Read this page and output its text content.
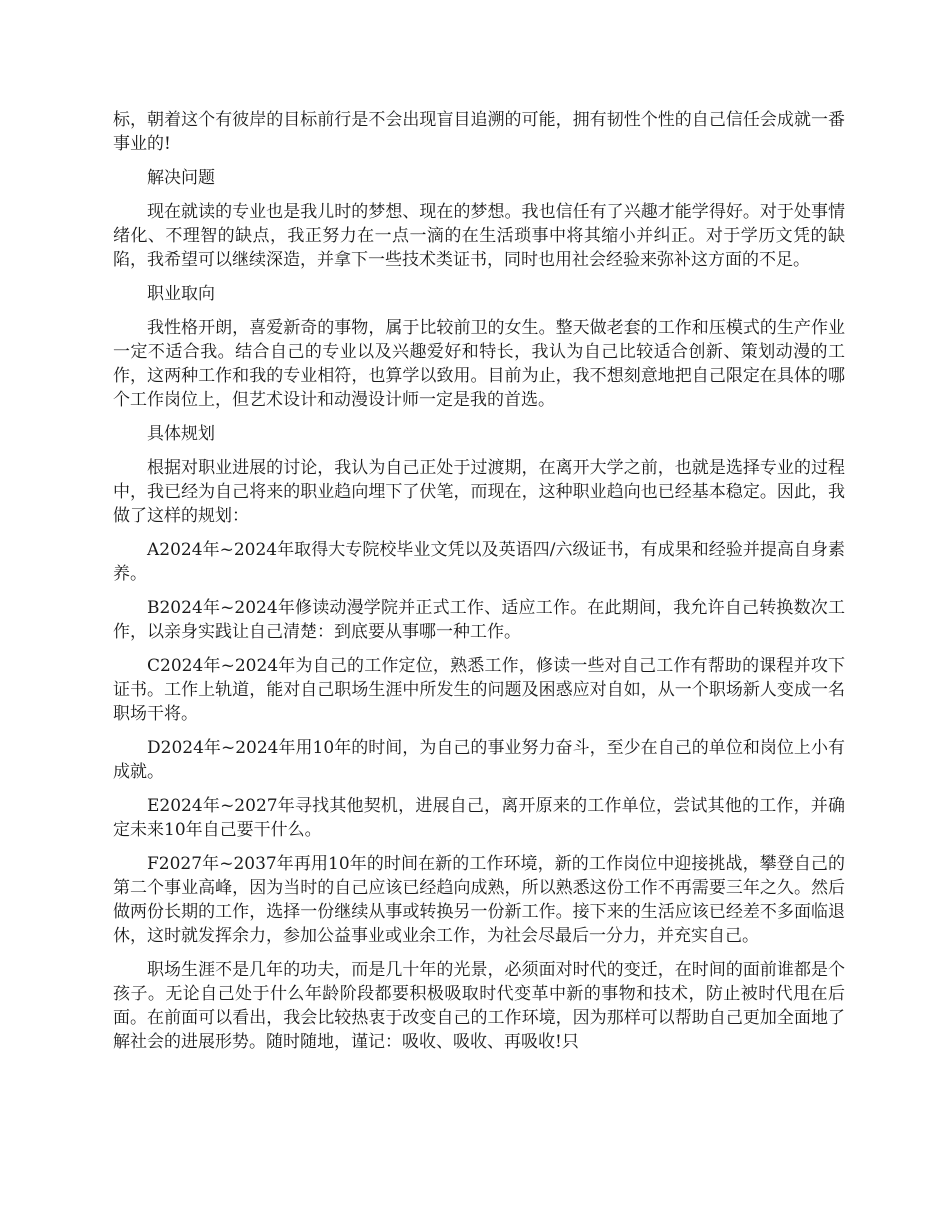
标，朝着这个有彼岸的目标前行是不会出现盲目追溯的可能，拥有韧性个性的自己信任会成就一番事业的!

解决问题

现在就读的专业也是我儿时的梦想、现在的梦想。我也信任有了兴趣才能学得好。对于处事情绪化、不理智的缺点，我正努力在一点一滴的在生活琐事中将其缩小并纠正。对于学历文凭的缺陷，我希望可以继续深造，并拿下一些技术类证书，同时也用社会经验来弥补这方面的不足。

职业取向

我性格开朗，喜爱新奇的事物，属于比较前卫的女生。整天做老套的工作和压模式的生产作业一定不适合我。结合自己的专业以及兴趣爱好和特长，我认为自己比较适合创新、策划动漫的工作，这两种工作和我的专业相符，也算学以致用。目前为止，我不想刻意地把自己限定在具体的哪个工作岗位上，但艺术设计和动漫设计师一定是我的首选。

具体规划

根据对职业进展的讨论，我认为自己正处于过渡期，在离开大学之前，也就是选择专业的过程中，我已经为自己将来的职业趋向埋下了伏笔，而现在，这种职业趋向也已经基本稳定。因此，我做了这样的规划：

A2024年~2024年取得大专院校毕业文凭以及英语四/六级证书，有成果和经验并提高自身素养。

B2024年~2024年修读动漫学院并正式工作、适应工作。在此期间，我允许自己转换数次工作，以亲身实践让自己清楚：到底要从事哪一种工作。

C2024年~2024年为自己的工作定位，熟悉工作，修读一些对自己工作有帮助的课程并攻下证书。工作上轨道，能对自己职场生涯中所发生的问题及困惑应对自如，从一个职场新人变成一名职场干将。

D2024年~2024年用10年的时间，为自己的事业努力奋斗，至少在自己的单位和岗位上小有成就。

E2024年~2027年寻找其他契机，进展自己，离开原来的工作单位，尝试其他的工作，并确定未来10年自己要干什么。

F2027年~2037年再用10年的时间在新的工作环境，新的工作岗位中迎接挑战，攀登自己的第二个事业高峰，因为当时的自己应该已经趋向成熟，所以熟悉这份工作不再需要三年之久。然后做两份长期的工作，选择一份继续从事或转换另一份新工作。接下来的生活应该已经差不多面临退休，这时就发挥余力，参加公益事业或业余工作，为社会尽最后一分力，并充实自己。

职场生涯不是几年的功夫，而是几十年的光景，必须面对时代的变迁，在时间的面前谁都是个孩子。无论自己处于什么年龄阶段都要积极吸取时代变革中新的事物和技术，防止被时代甩在后面。在前面可以看出，我会比较热衷于改变自己的工作环境，因为那样可以帮助自己更加全面地了解社会的进展形势。随时随地，谨记：吸收、吸收、再吸收!只
